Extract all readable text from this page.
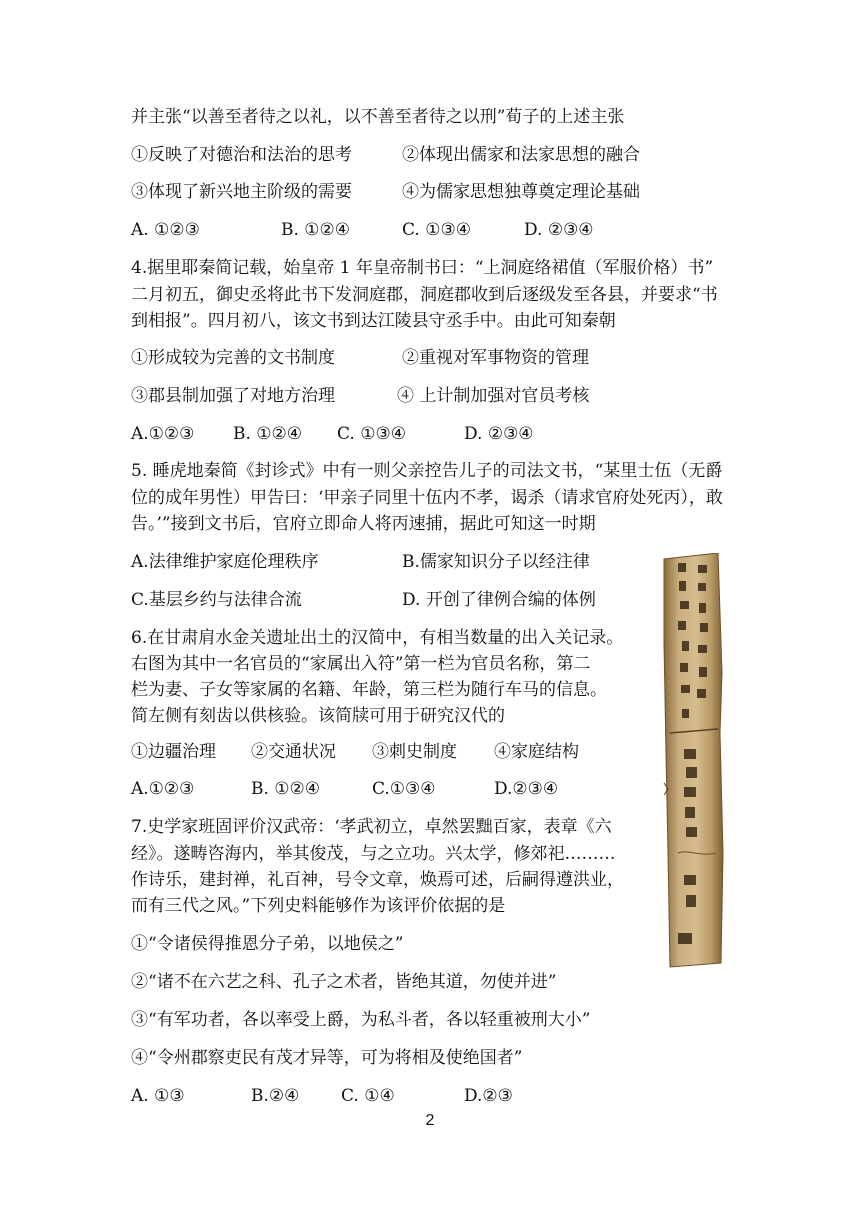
并主张“以善至者待之以礼，以不善至者待之以刑”荀子的上述主张
①反映了对德治和法治的思考	②体现出儒家和法家思想的融合
③体现了新兴地主阶级的需要	④为儒家思想独尊奠定理论基础
A. ①②③	B. ①②④	C. ①③④	D. ②③④
4.据里耶秦简记载，始皇帝 1 年皇帝制书曰：“上洞庭络裙值（军服价格）书”
二月初五，御史丞将此书下发洞庭郡，洞庭郡收到后逐级发至各县，并要求“书
到相报”。四月初八，该文书到达江陵县守丞手中。由此可知秦朝
①形成较为完善的文书制度	②重视对军事物资的管理
③郡县制加强了对地方治理	④ 上计制加强对官员考核
A.①②③ B. ①②④ C. ①③④	D. ②③④
5. 睡虎地秦简《封诊式》中有一则父亲控告儿子的司法文书，“某里士伍（无爵
位的成年男性）甲告曰：‘甲亲子同里十伍内不孝，谒杀（请求官府处死丙），敢
告。’”接到文书后，官府立即命人将丙速捕，据此可知这一时期
A.法律维护家庭伦理秩序	B.儒家知识分子以经注律
C.基层乡约与法律合流	D. 开创了律例合编的体例
6.在甘肃肩水金关遗址出土的汉简中，有相当数量的出入关记录。
右图为其中一名官员的“家属出入符”第一栏为官员名称，第二
栏为妻、子女等家属的名籍、年龄，第三栏为随行车马的信息。
简左侧有刻齿以供核验。该简牍可用于研究汉代的
①边疆治理 ②交通状况 ③刺史制度 ④家庭结构
A.①②③	B. ①②④	C.①③④	D.②③④
7.史学家班固评价汉武帝：‘孝武初立，卓然罢黜百家，表章《六
经》。遂畴咨海内，举其俊茂，与之立功。兴太学，修郊祀………
作诗乐，建封禅，礼百神，号令文章，焕焉可述，后嗣得遵洪业，
而有三代之风。”下列史料能够作为该评价依据的是
①“令诸侯得推恩分子弟，以地侯之”
②“诸不在六艺之科、孔子之术者，皆绝其道，勿使并进”
③“有军功者，各以率受上爵，为私斗者，各以轻重被刑大小”
④“令州郡察吏民有茂才异等，可为将相及使绝国者”
A. ①③	B.②④ C. ①④	D.②③
2
